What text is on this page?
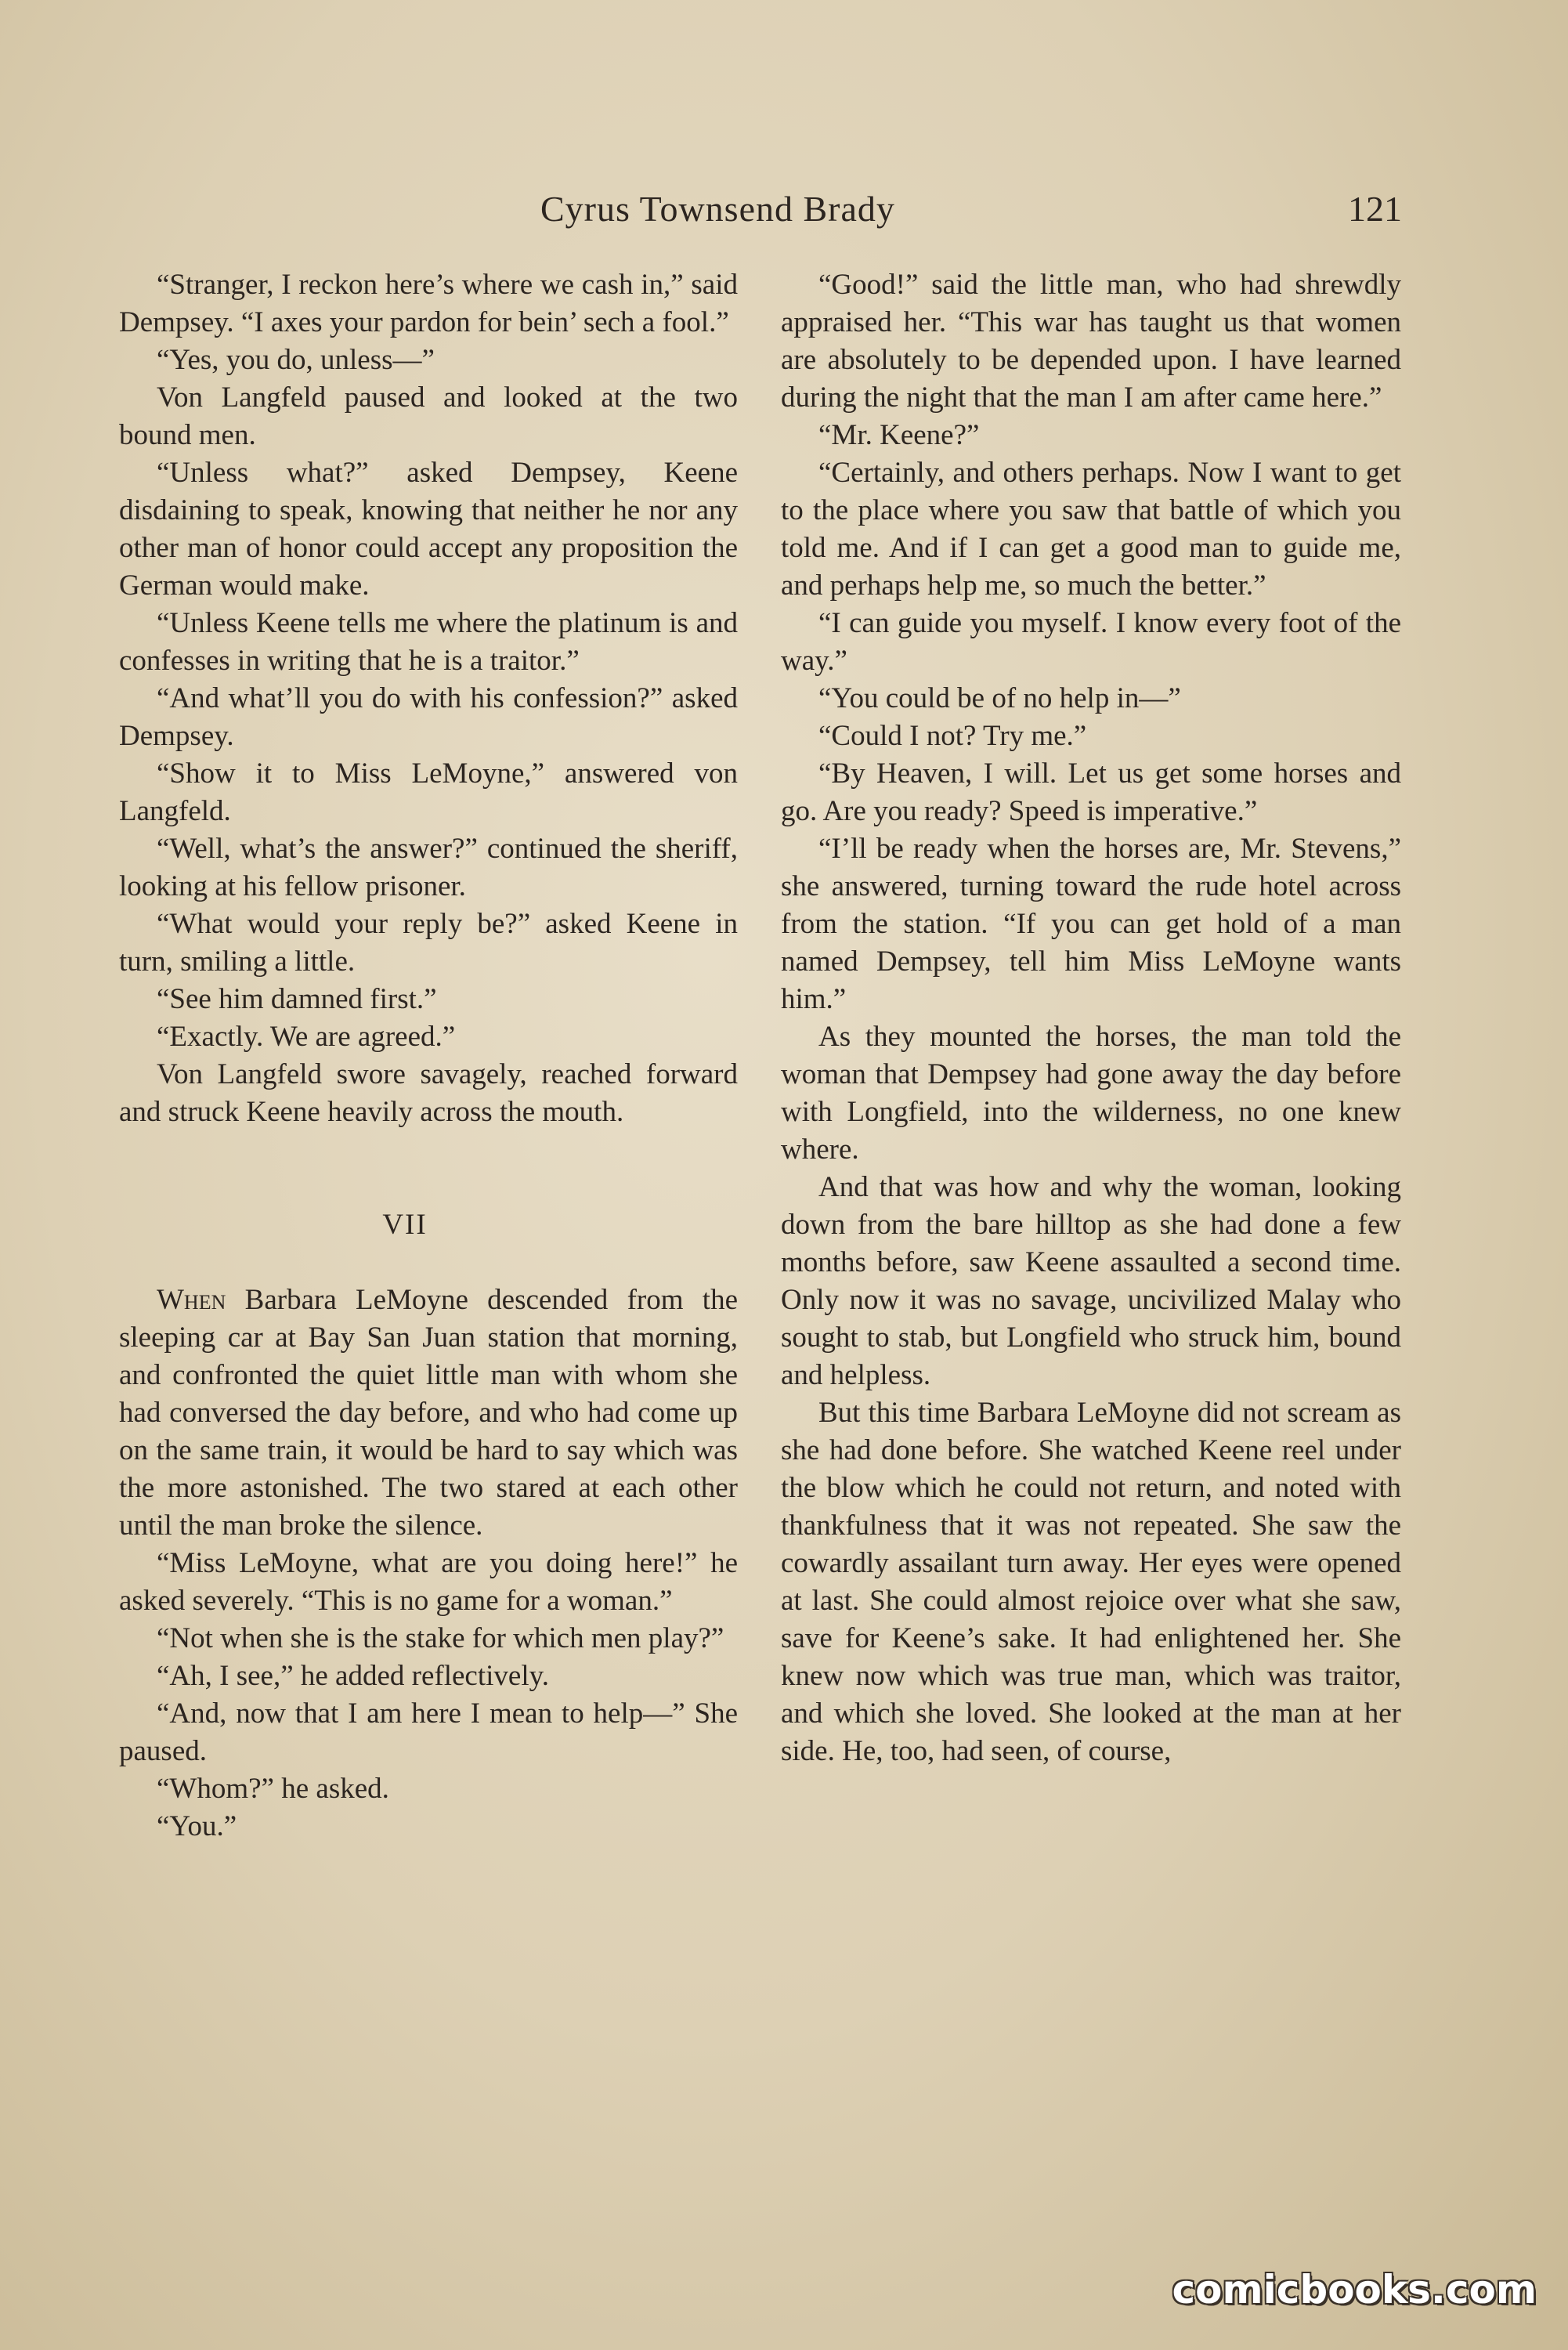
Cyrus Townsend Brady	121

“Stranger, I reckon here’s where we cash in,” said Dempsey. “I axes your pardon for bein’ sech a fool.”

“Yes, you do, unless—”

Von Langfeld paused and looked at the two bound men.

“Unless what?” asked Dempsey, Keene disdaining to speak, knowing that neither he nor any other man of honor could accept any proposition the German would make.

“Unless Keene tells me where the platinum is and confesses in writing that he is a traitor.”

“And what’ll you do with his confession?” asked Dempsey.

“Show it to Miss LeMoyne,” answered von Langfeld.

“Well, what’s the answer?” continued the sheriff, looking at his fellow prisoner.

“What would your reply be?” asked Keene in turn, smiling a little.

“See him damned first.”

“Exactly. We are agreed.”

Von Langfeld swore savagely, reached forward and struck Keene heavily across the mouth.

VII

When Barbara LeMoyne descended from the sleeping car at Bay San Juan station that morning, and confronted the quiet little man with whom she had conversed the day before, and who had come up on the same train, it would be hard to say which was the more astonished. The two stared at each other until the man broke the silence.

“Miss LeMoyne, what are you doing here!” he asked severely. “This is no game for a woman.”

“Not when she is the stake for which men play?”

“Ah, I see,” he added reflectively.

“And, now that I am here I mean to help—” She paused.

“Whom?” he asked.

“You.”

“Good!” said the little man, who had shrewdly appraised her. “This war has taught us that women are absolutely to be depended upon. I have learned during the night that the man I am after came here.”

“Mr. Keene?”

“Certainly, and others perhaps. Now I want to get to the place where you saw that battle of which you told me. And if I can get a good man to guide me, and perhaps help me, so much the better.”

“I can guide you myself. I know every foot of the way.”

“You could be of no help in—”

“Could I not? Try me.”

“By Heaven, I will. Let us get some horses and go. Are you ready? Speed is imperative.”

“I’ll be ready when the horses are, Mr. Stevens,” she answered, turning toward the rude hotel across from the station. “If you can get hold of a man named Dempsey, tell him Miss LeMoyne wants him.”

As they mounted the horses, the man told the woman that Dempsey had gone away the day before with Longfield, into the wilderness, no one knew where.

And that was how and why the woman, looking down from the bare hilltop as she had done a few months before, saw Keene assaulted a second time. Only now it was no savage, uncivilized Malay who sought to stab, but Longfield who struck him, bound and helpless.

But this time Barbara LeMoyne did not scream as she had done before. She watched Keene reel under the blow which he could not return, and noted with thankfulness that it was not repeated. She saw the cowardly assailant turn away. Her eyes were opened at last. She could almost rejoice over what she saw, save for Keene’s sake. It had enlightened her. She knew now which was true man, which was traitor, and which she loved. She looked at the man at her side. He, too, had seen, of course,

comicbooks.com
